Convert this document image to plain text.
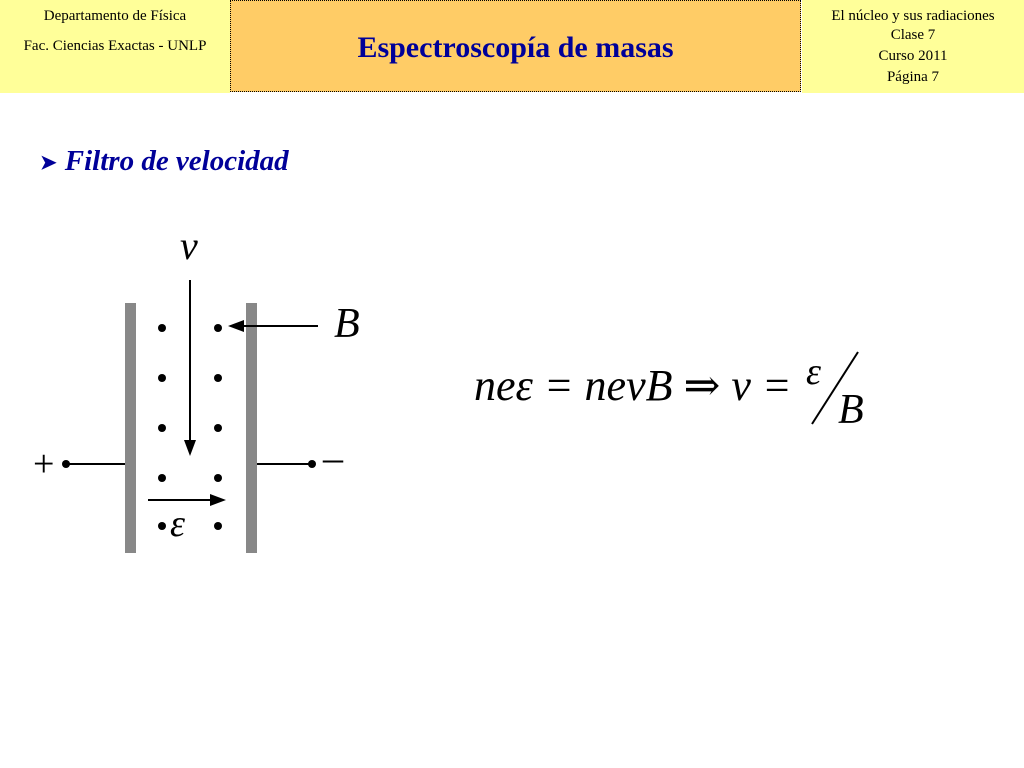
Departamento de Física
Fac. Ciencias Exactas - UNLP	Espectroscopía de masas
El núcleo y sus radiaciones
Clase 7
Curso 2011
Página 7
➤ Filtro de velocidad
v
B
ε
+	–
neε = nevB ⇒ v = ε
B
